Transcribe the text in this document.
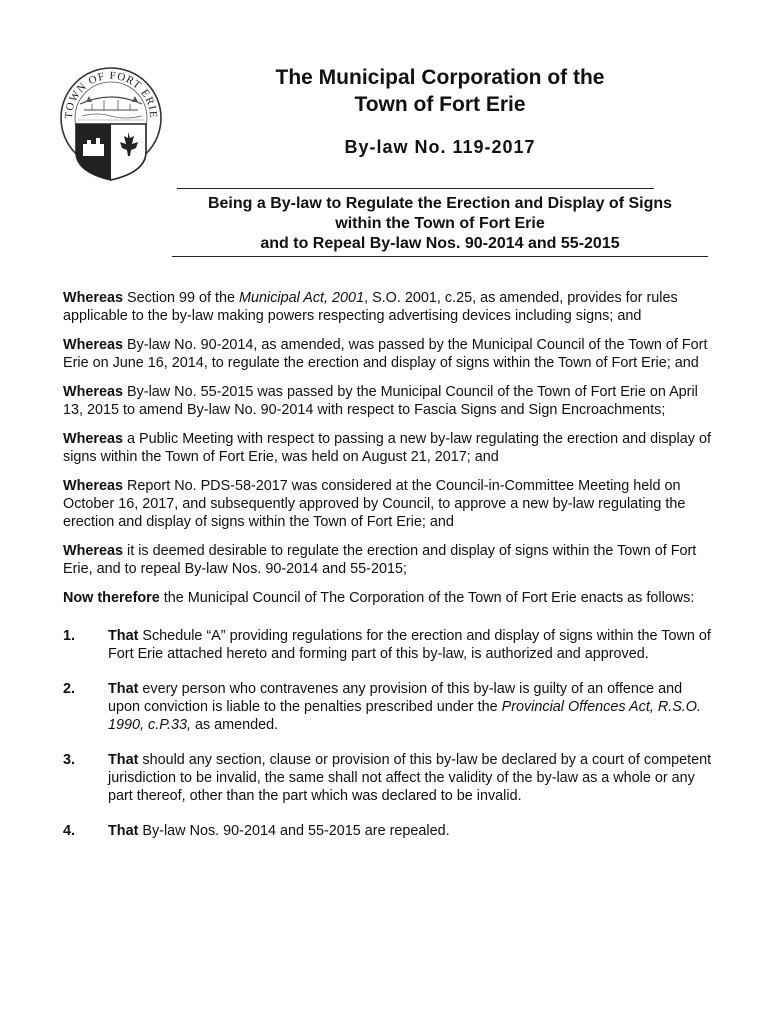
TOWN OF FORT ERIE
The Municipal Corporation of the
Town of Fort Erie
By-law No. 119-2017
Being a By-law to Regulate the Erection and Display of Signs
within the Town of Fort Erie
and to Repeal By-law Nos. 90-2014 and 55-2015

Whereas Section 99 of the Municipal Act, 2001, S.O. 2001, c.25, as amended, provides for rules applicable to the by-law making powers respecting advertising devices including signs; and

Whereas By-law No. 90-2014, as amended, was passed by the Municipal Council of the Town of Fort Erie on June 16, 2014, to regulate the erection and display of signs within the Town of Fort Erie; and

Whereas By-law No. 55-2015 was passed by the Municipal Council of the Town of Fort Erie on April 13, 2015 to amend By-law No. 90-2014 with respect to Fascia Signs and Sign Encroachments;

Whereas a Public Meeting with respect to passing a new by-law regulating the erection and display of signs within the Town of Fort Erie, was held on August 21, 2017; and

Whereas Report No. PDS-58-2017 was considered at the Council-in-Committee Meeting held on October 16, 2017, and subsequently approved by Council, to approve a new by-law regulating the erection and display of signs within the Town of Fort Erie; and

Whereas it is deemed desirable to regulate the erection and display of signs within the Town of Fort Erie, and to repeal By-law Nos. 90-2014 and 55-2015;

Now therefore the Municipal Council of The Corporation of the Town of Fort Erie enacts as follows:

1.	That Schedule “A” providing regulations for the erection and display of signs within the Town of Fort Erie attached hereto and forming part of this by-law, is authorized and approved.
2.	That every person who contravenes any provision of this by-law is guilty of an offence and upon conviction is liable to the penalties prescribed under the Provincial Offences Act, R.S.O. 1990, c.P.33, as amended.
3.	That should any section, clause or provision of this by-law be declared by a court of competent jurisdiction to be invalid, the same shall not affect the validity of the by-law as a whole or any part thereof, other than the part which was declared to be invalid.
4.	That By-law Nos. 90-2014 and 55-2015 are repealed.
